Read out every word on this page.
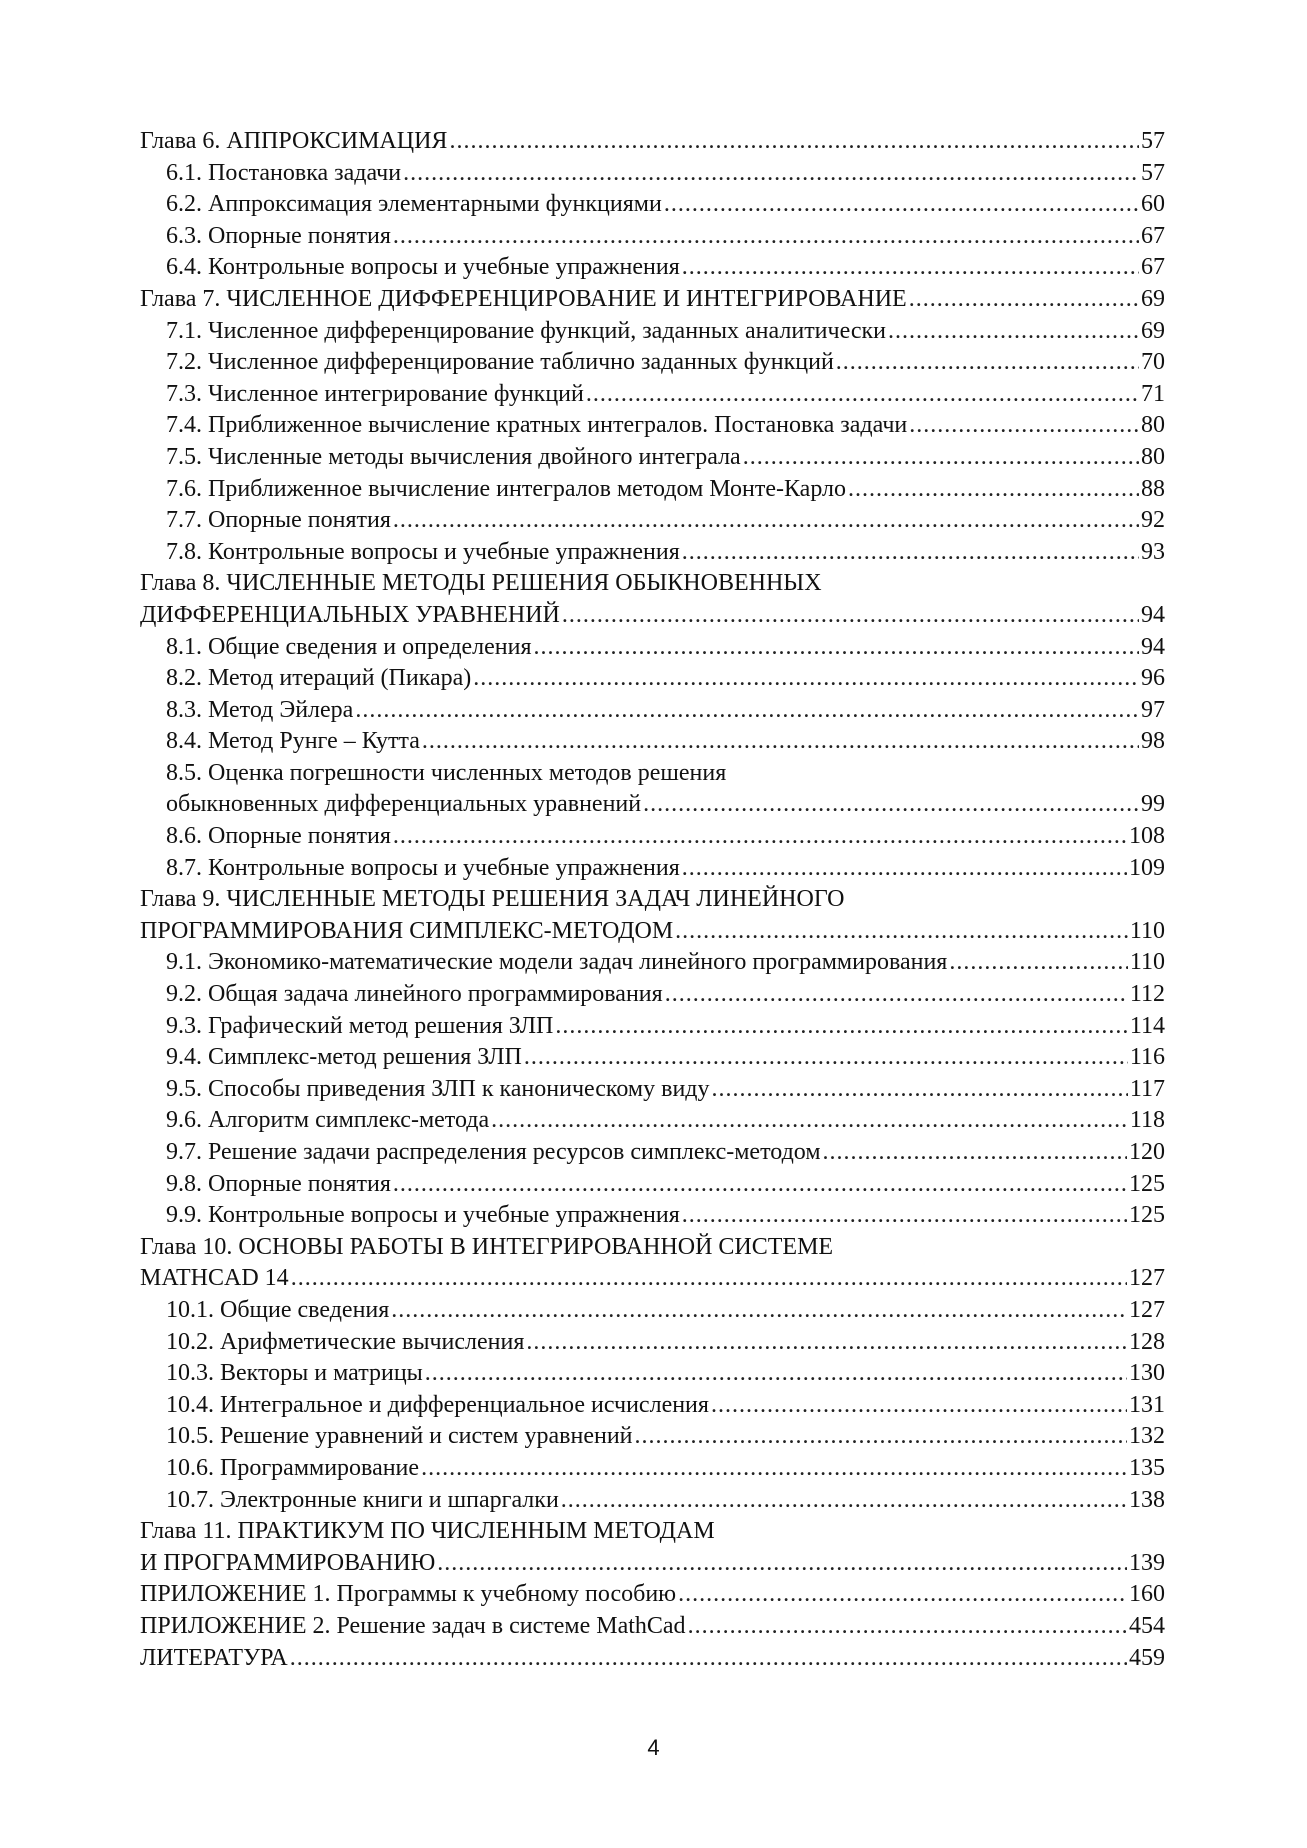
Глава 6. АППРОКСИМАЦИЯ .....	57
6.1. Постановка задачи .....	57
6.2. Аппроксимация элементарными функциями .....	60
6.3. Опорные понятия .....	67
6.4. Контрольные вопросы и учебные упражнения .....	67
Глава 7. ЧИСЛЕННОЕ ДИФФЕРЕНЦИРОВАНИЕ И ИНТЕГРИРОВАНИЕ .....	69
7.1. Численное дифференцирование функций, заданных аналитически .....	69
7.2. Численное дифференцирование таблично заданных функций .....	70
7.3. Численное интегрирование функций .....	71
7.4. Приближенное вычисление кратных интегралов. Постановка задачи .....	80
7.5. Численные методы вычисления двойного интеграла .....	80
7.6. Приближенное вычисление интегралов методом Монте-Карло .....	88
7.7. Опорные понятия .....	92
7.8. Контрольные вопросы и учебные упражнения .....	93
Глава 8. ЧИСЛЕННЫЕ МЕТОДЫ РЕШЕНИЯ ОБЫКНОВЕННЫХ
ДИФФЕРЕНЦИАЛЬНЫХ УРАВНЕНИЙ .....	94
8.1. Общие сведения и определения .....	94
8.2. Метод итераций (Пикара) .....	96
8.3. Метод Эйлера .....	97
8.4. Метод Рунге – Кутта .....	98
8.5. Оценка погрешности численных методов решения
обыкновенных дифференциальных уравнений .....	99
8.6. Опорные понятия .....	108
8.7. Контрольные вопросы и учебные упражнения .....	109
Глава 9. ЧИСЛЕННЫЕ МЕТОДЫ РЕШЕНИЯ ЗАДАЧ ЛИНЕЙНОГО
ПРОГРАММИРОВАНИЯ СИМПЛЕКС-МЕТОДОМ .....	110
9.1. Экономико-математические модели задач линейного программирования .....	110
9.2. Общая задача линейного программирования .....	112
9.3. Графический метод решения ЗЛП .....	114
9.4. Симплекс-метод решения ЗЛП .....	116
9.5. Способы приведения ЗЛП к каноническому виду .....	117
9.6. Алгоритм симплекс-метода .....	118
9.7. Решение задачи распределения ресурсов симплекс-методом .....	120
9.8. Опорные понятия .....	125
9.9. Контрольные вопросы и учебные упражнения .....	125
Глава 10. ОСНОВЫ РАБОТЫ В ИНТЕГРИРОВАННОЙ СИСТЕМЕ
MATHCAD 14 .....	127
10.1. Общие сведения .....	127
10.2. Арифметические вычисления .....	128
10.3. Векторы и матрицы .....	130
10.4. Интегральное и дифференциальное исчисления .....	131
10.5. Решение уравнений и систем уравнений .....	132
10.6. Программирование .....	135
10.7. Электронные книги и шпаргалки .....	138
Глава 11. ПРАКТИКУМ ПО ЧИСЛЕННЫМ МЕТОДАМ
И ПРОГРАММИРОВАНИЮ .....	139
ПРИЛОЖЕНИЕ 1. Программы к учебному пособию .....	160
ПРИЛОЖЕНИЕ 2. Решение задач в системе MathCad .....	454
ЛИТЕРАТУРА .....	459
4
